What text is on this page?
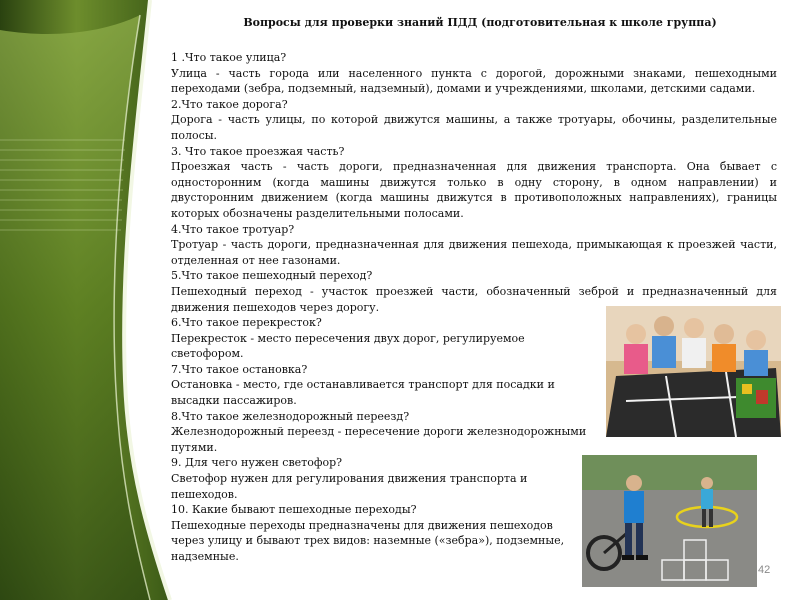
Вопросы для проверки знаний ПДД (подготовительная к школе группа)

1 .Что такое улица?

Улица - часть города или населенного пункта с дорогой, дорожными знаками, пешеходными переходами (зебра, подземный, надземный), домами и учреждениями, школами, детскими садами.

2.Что такое дорога?

Дорога - часть улицы, по которой движутся машины, а также тротуары, обочины, разделительные полосы.

3. Что такое проезжая часть?

Проезжая часть - часть дороги, предназначенная для движения транспорта. Она бывает с односторонним (когда машины движутся только в одну сторону, в одном направлении) и двусторонним движением (когда машины движутся в противоположных направлениях), границы которых обозначены разделительными полосами.

4.Что такое тротуар?

Тротуар - часть дороги, предназначенная для движения пешехода, примыкающая к проезжей части, отделенная от нее газонами.

5.Что такое пешеходный переход?

Пешеходный переход - участок проезжей части, обозначенный зеброй и предназначенный для движения пешеходов через дорогу.

6.Что такое перекресток?

Перекресток - место пересечения двух дорог, регулируемое светофором.

7.Что такое остановка?

Остановка - место, где останавливается транспорт для посадки и высадки пассажиров.

8.Что такое железнодорожный переезд?

Железнодорожный переезд - пересечение дороги железнодорожными путями.

9. Для чего нужен светофор?

Светофор нужен для регулирования движения транспорта и пешеходов.

10. Какие бывают пешеходные переходы?

Пешеходные переходы предназначены для движения пешеходов через улицу и бывают трех видов: наземные («зебра»), подземные, надземные.

42
